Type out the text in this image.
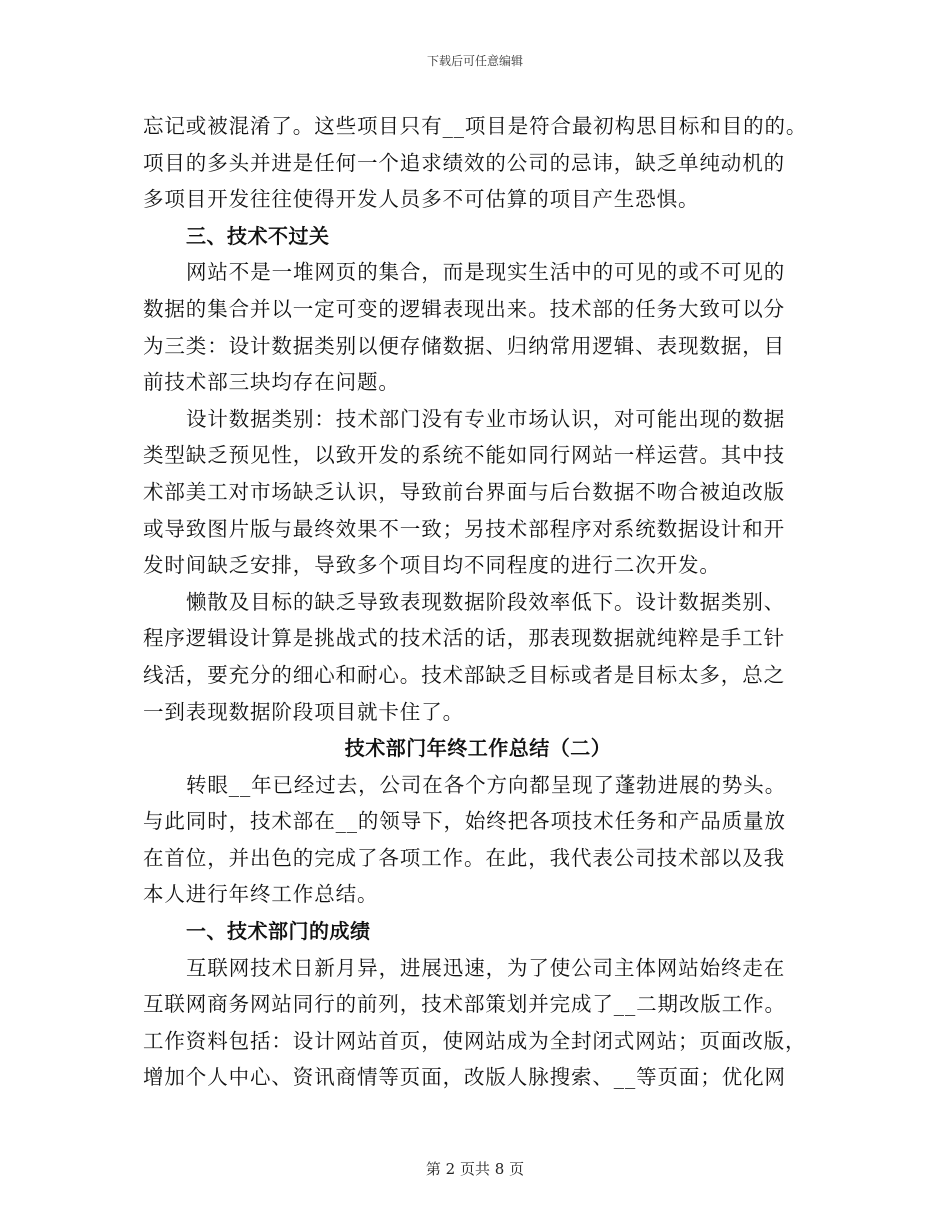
下载后可任意编辑

忘记或被混淆了。这些项目只有__项目是符合最初构思目标和目的的。

项目的多头并进是任何一个追求绩效的公司的忌讳，缺乏单纯动机的

多项目开发往往使得开发人员多不可估算的项目产生恐惧。

三、技术不过关

网站不是一堆网页的集合，而是现实生活中的可见的或不可见的

数据的集合并以一定可变的逻辑表现出来。技术部的任务大致可以分

为三类：设计数据类别以便存储数据、归纳常用逻辑、表现数据，目

前技术部三块均存在问题。

设计数据类别：技术部门没有专业市场认识，对可能出现的数据

类型缺乏预见性，以致开发的系统不能如同行网站一样运营。其中技

术部美工对市场缺乏认识，导致前台界面与后台数据不吻合被迫改版

或导致图片版与最终效果不一致；另技术部程序对系统数据设计和开

发时间缺乏安排，导致多个项目均不同程度的进行二次开发。

懒散及目标的缺乏导致表现数据阶段效率低下。设计数据类别、

程序逻辑设计算是挑战式的技术活的话，那表现数据就纯粹是手工针

线活，要充分的细心和耐心。技术部缺乏目标或者是目标太多，总之

一到表现数据阶段项目就卡住了。

技术部门年终工作总结（二）

转眼__年已经过去，公司在各个方向都呈现了蓬勃进展的势头。

与此同时，技术部在__的领导下，始终把各项技术任务和产品质量放

在首位，并出色的完成了各项工作。在此，我代表公司技术部以及我

本人进行年终工作总结。

一、技术部门的成绩

互联网技术日新月异，进展迅速，为了使公司主体网站始终走在

互联网商务网站同行的前列，技术部策划并完成了__二期改版工作。

工作资料包括：设计网站首页，使网站成为全封闭式网站；页面改版，

增加个人中心、资讯商情等页面，改版人脉搜索、__等页面；优化网

第 2 页共 8 页
